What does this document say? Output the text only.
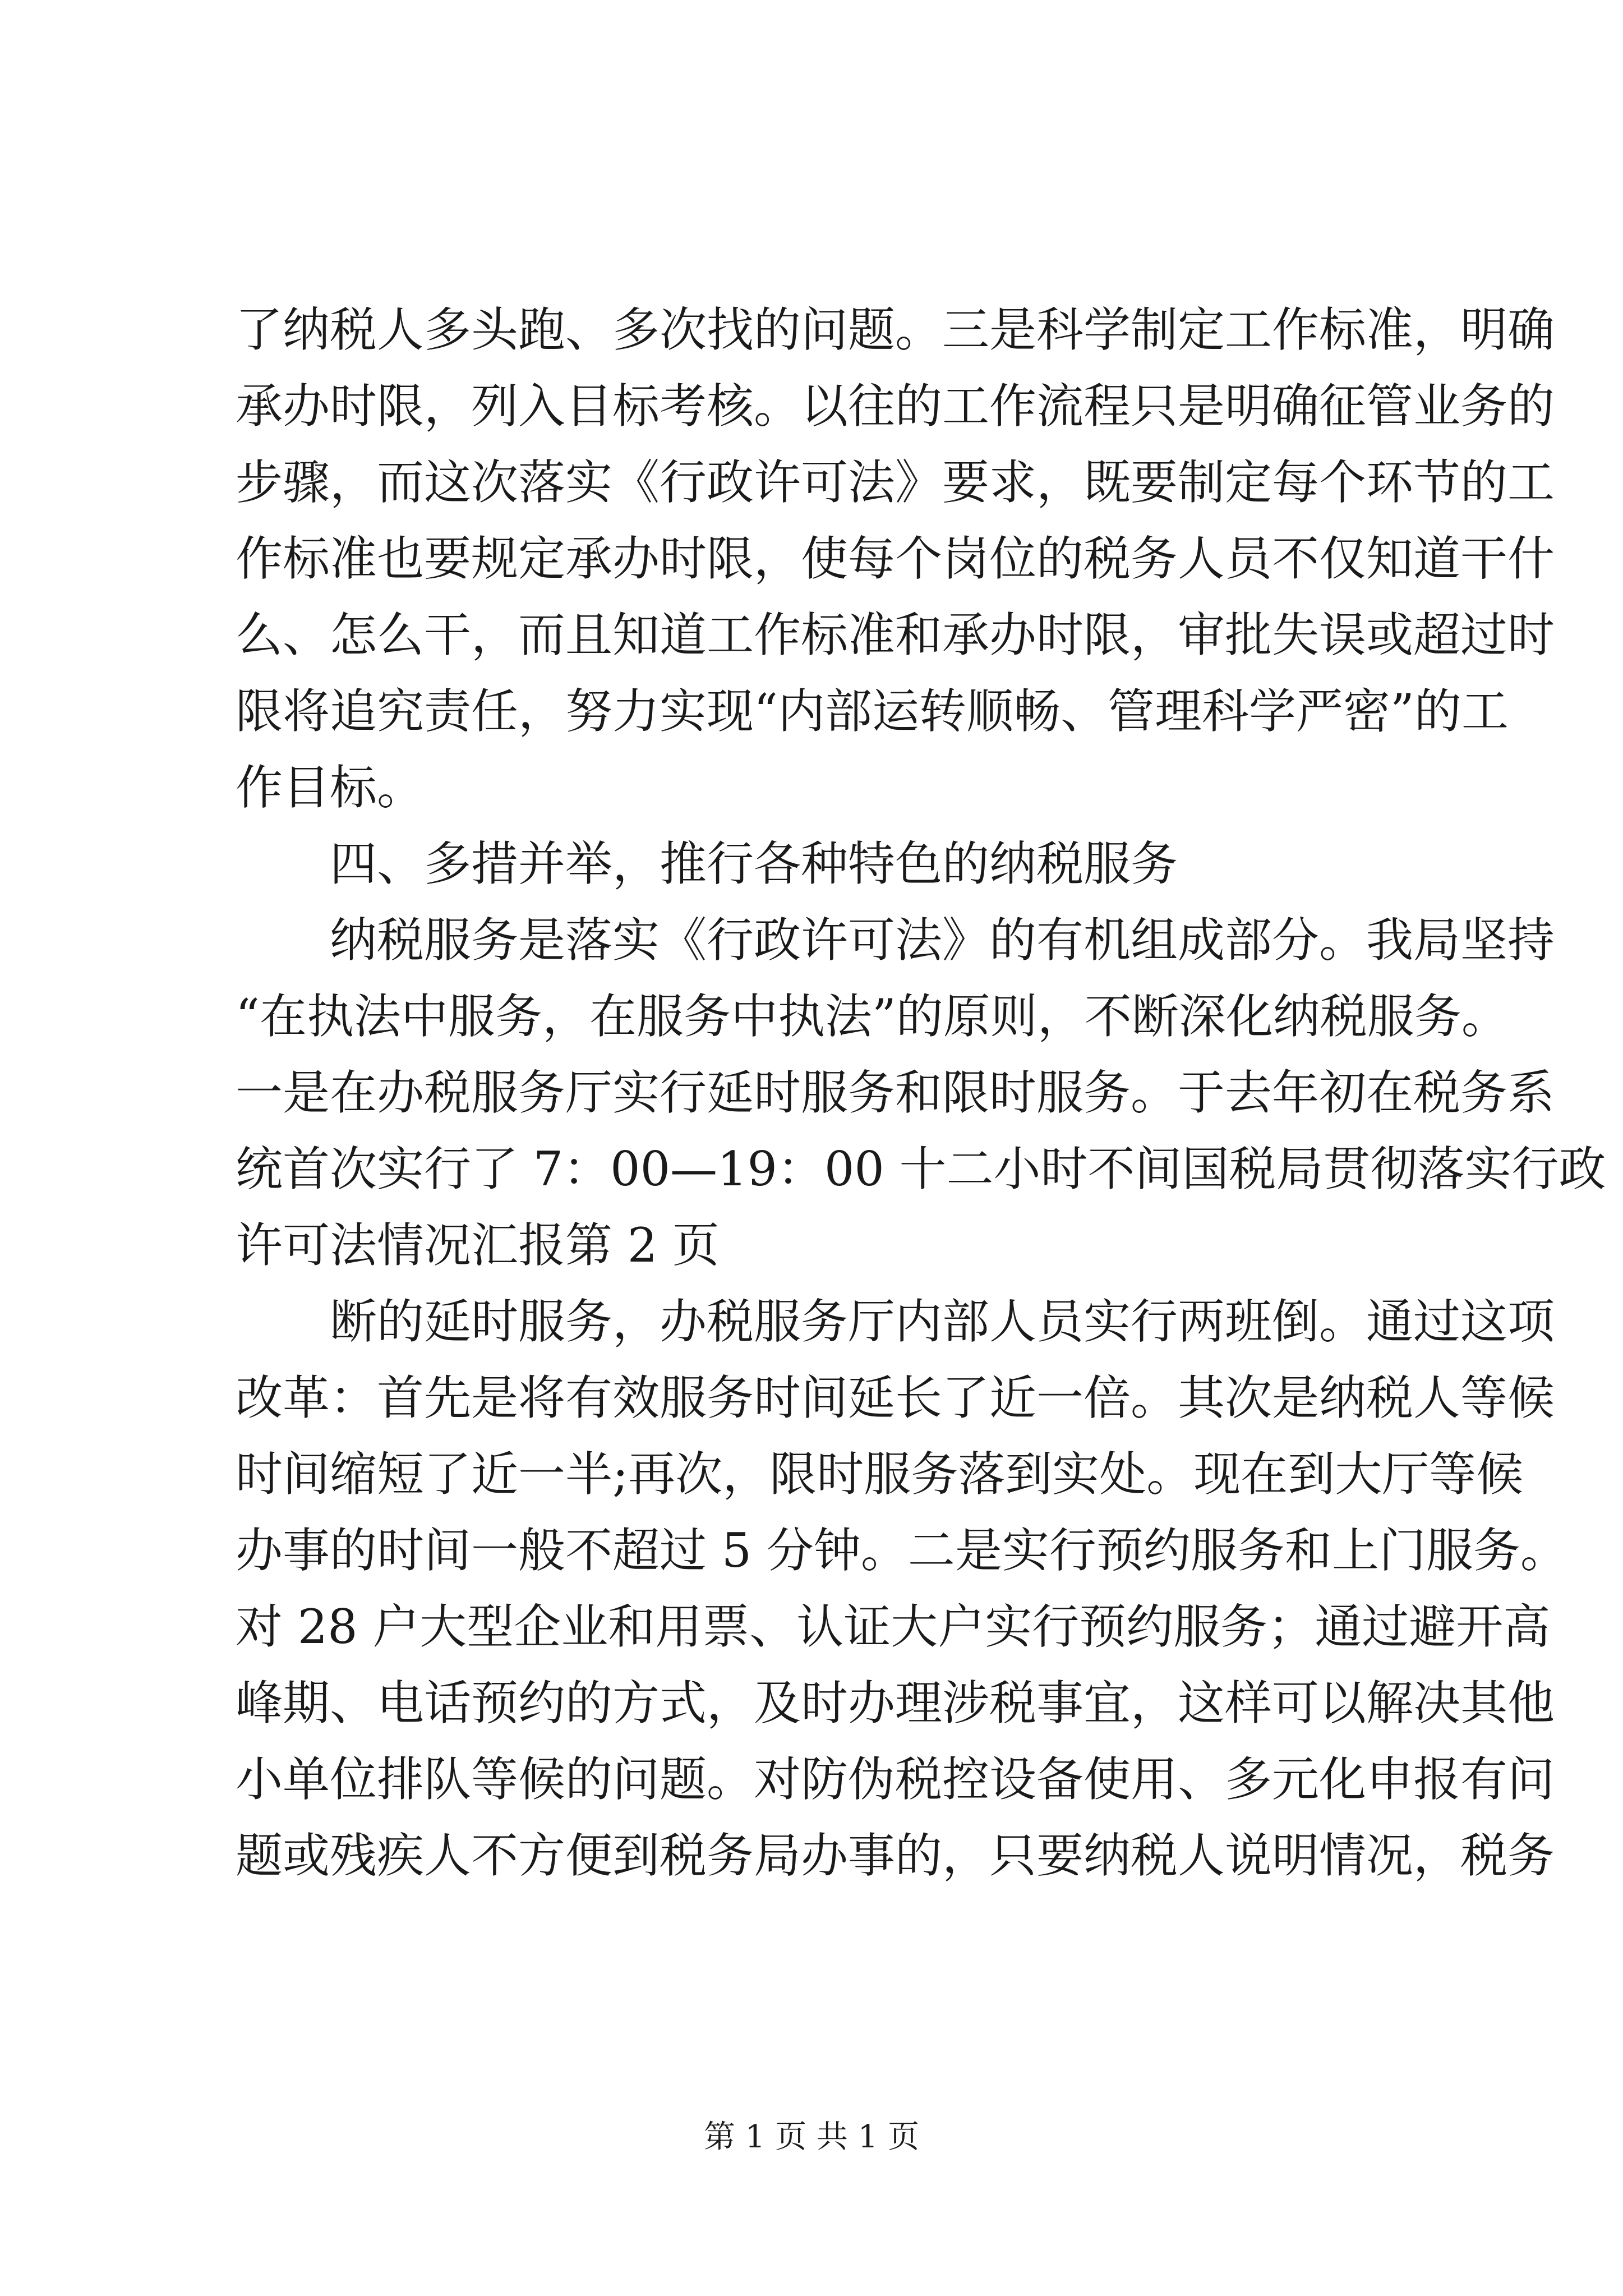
了纳税人多头跑、多次找的问题。三是科学制定工作标准，明确
承办时限，列入目标考核。以往的工作流程只是明确征管业务的
步骤，而这次落实《行政许可法》要求，既要制定每个环节的工
作标准也要规定承办时限，使每个岗位的税务人员不仅知道干什
么、怎么干，而且知道工作标准和承办时限，审批失误或超过时
限将追究责任，努力实现“内部运转顺畅、管理科学严密”的工
作目标。
四、多措并举，推行各种特色的纳税服务
纳税服务是落实《行政许可法》的有机组成部分。我局坚持
“在执法中服务，在服务中执法”的原则，不断深化纳税服务。
一是在办税服务厅实行延时服务和限时服务。于去年初在税务系
统首次实行了 7：00—19：00 十二小时不间国税局贯彻落实行政
许可法情况汇报第 2 页
断的延时服务，办税服务厅内部人员实行两班倒。通过这项
改革：首先是将有效服务时间延长了近一倍。其次是纳税人等候
时间缩短了近一半;再次，限时服务落到实处。现在到大厅等候
办事的时间一般不超过 5 分钟。二是实行预约服务和上门服务。
对 28 户大型企业和用票、认证大户实行预约服务；通过避开高
峰期、电话预约的方式，及时办理涉税事宜，这样可以解决其他
小单位排队等候的问题。对防伪税控设备使用、多元化申报有问
题或残疾人不方便到税务局办事的，只要纳税人说明情况，税务
第 1 页 共 1 页
